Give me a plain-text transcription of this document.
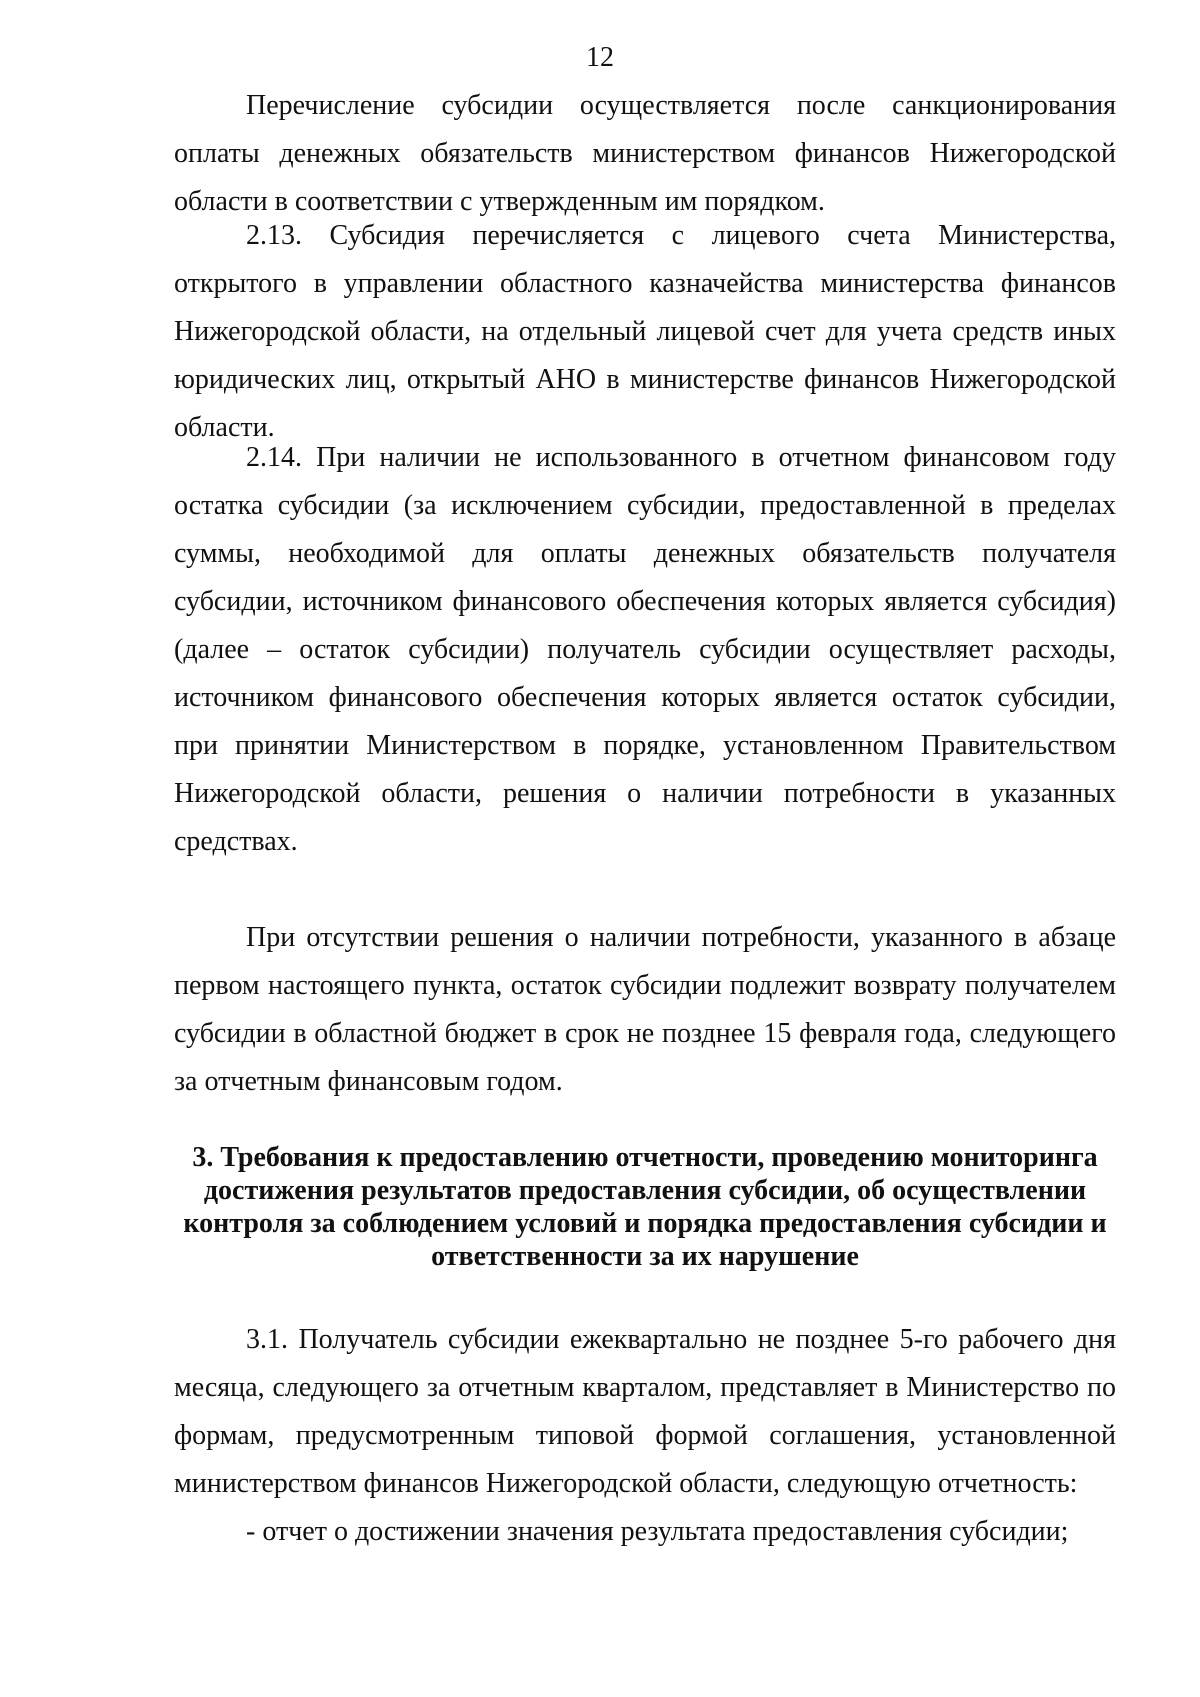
12

Перечисление субсидии осуществляется после санкционирования оплаты денежных обязательств министерством финансов Нижегородской области в соответствии с утвержденным им порядком.

2.13. Субсидия перечисляется с лицевого счета Министерства, открытого в управлении областного казначейства министерства финансов Нижегородской области, на отдельный лицевой счет для учета средств иных юридических лиц, открытый АНО в министерстве финансов Нижегородской области.

2.14. При наличии не использованного в отчетном финансовом году остатка субсидии (за исключением субсидии, предоставленной в пределах суммы, необходимой для оплаты денежных обязательств получателя субсидии, источником финансового обеспечения которых является субсидия) (далее – остаток субсидии) получатель субсидии осуществляет расходы, источником финансового обеспечения которых является остаток субсидии, при принятии Министерством в порядке, установленном Правительством Нижегородской области, решения о наличии потребности в указанных средствах.

При отсутствии решения о наличии потребности, указанного в абзаце первом настоящего пункта, остаток субсидии подлежит возврату получателем субсидии в областной бюджет в срок не позднее 15 февраля года, следующего за отчетным финансовым годом.

3. Требования к предоставлению отчетности, проведению мониторинга
достижения результатов предоставления субсидии, об осуществлении
контроля за соблюдением условий и порядка предоставления субсидии и
ответственности за их нарушение

3.1. Получатель субсидии ежеквартально не позднее 5-го рабочего дня месяца, следующего за отчетным кварталом, представляет в Министерство по формам, предусмотренным типовой формой соглашения, установленной министерством финансов Нижегородской области, следующую отчетность:

- отчет о достижении значения результата предоставления субсидии;
